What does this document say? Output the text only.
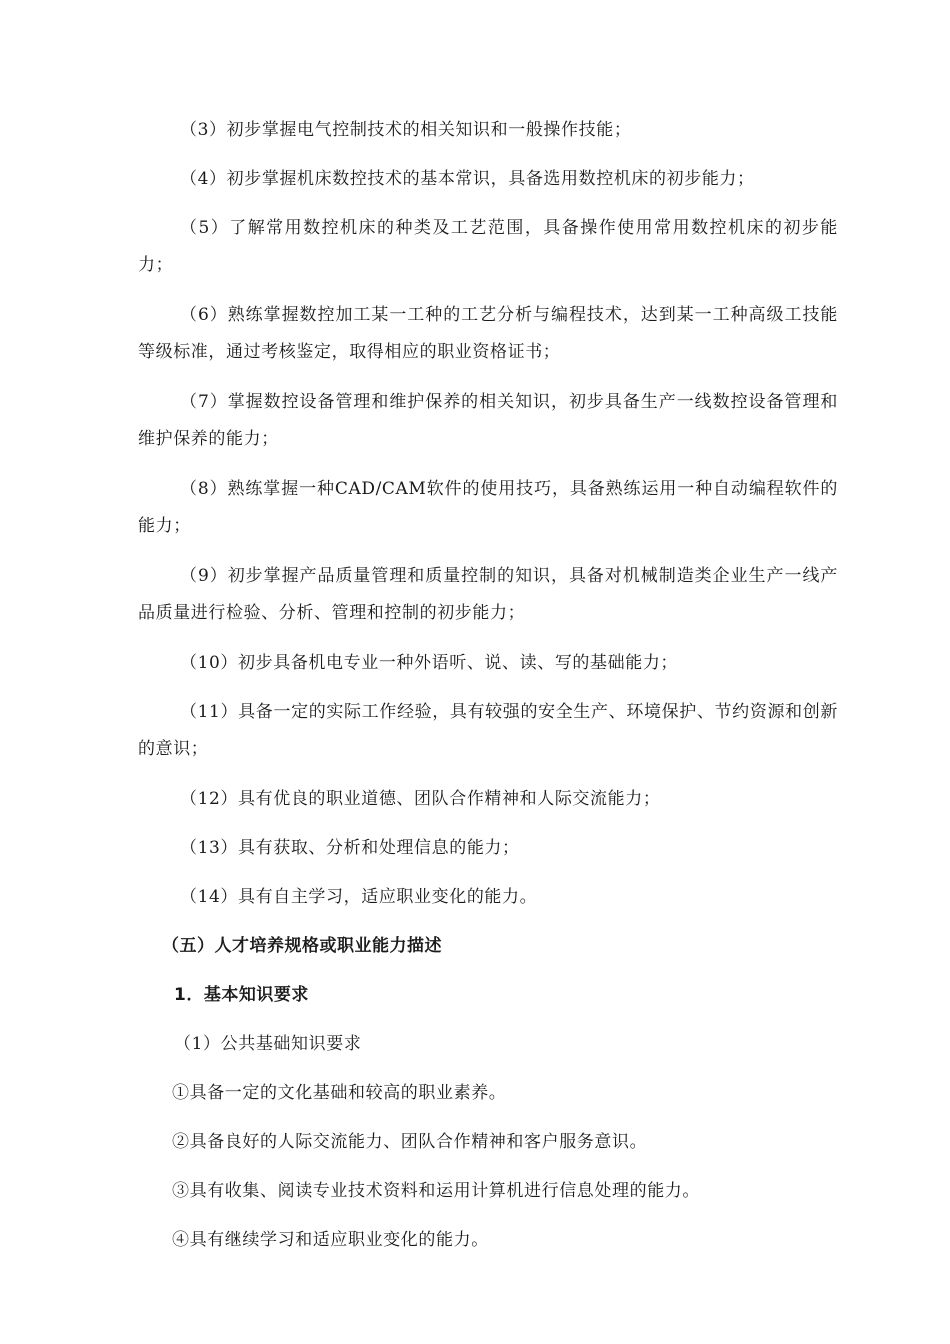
（3）初步掌握电气控制技术的相关知识和一般操作技能；

（4）初步掌握机床数控技术的基本常识，具备选用数控机床的初步能力；

（5）了解常用数控机床的种类及工艺范围，具备操作使用常用数控机床的初步能力；

（6）熟练掌握数控加工某一工种的工艺分析与编程技术，达到某一工种高级工技能等级标准，通过考核鉴定，取得相应的职业资格证书；

（7）掌握数控设备管理和维护保养的相关知识，初步具备生产一线数控设备管理和维护保养的能力；

（8）熟练掌握一种CAD/CAM软件的使用技巧，具备熟练运用一种自动编程软件的能力；

（9）初步掌握产品质量管理和质量控制的知识，具备对机械制造类企业生产一线产品质量进行检验、分析、管理和控制的初步能力；

（10）初步具备机电专业一种外语听、说、读、写的基础能力；

（11）具备一定的实际工作经验，具有较强的安全生产、环境保护、节约资源和创新的意识；

（12）具有优良的职业道德、团队合作精神和人际交流能力；

（13）具有获取、分析和处理信息的能力；

（14）具有自主学习，适应职业变化的能力。

（五）人才培养规格或职业能力描述
1．基本知识要求

（1）公共基础知识要求

①具备一定的文化基础和较高的职业素养。

②具备良好的人际交流能力、团队合作精神和客户服务意识。

③具有收集、阅读专业技术资料和运用计算机进行信息处理的能力。

④具有继续学习和适应职业变化的能力。
